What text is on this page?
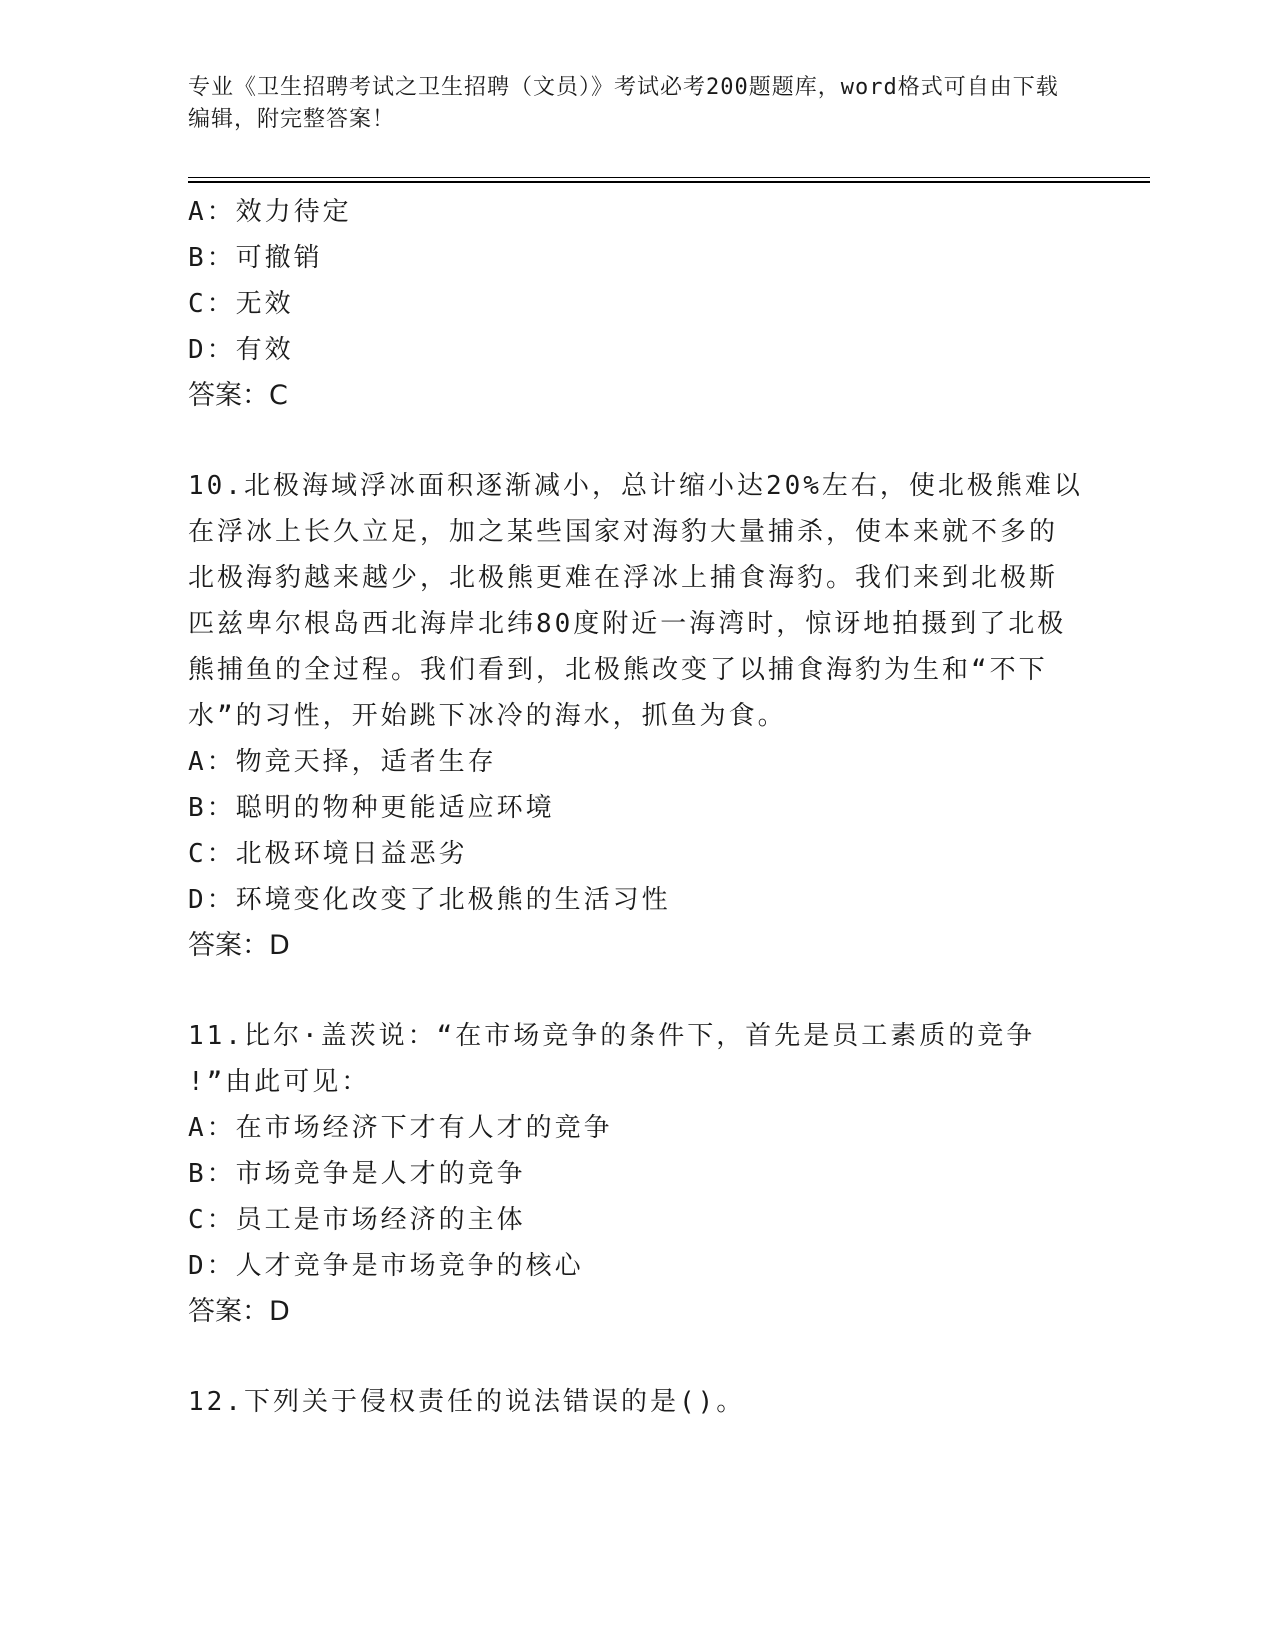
专业《卫生招聘考试之卫生招聘（文员）》考试必考200题题库，word格式可自由下载编辑，附完整答案！
A：效力待定
B：可撤销
C：无效
D：有效
答案：C
10.北极海域浮冰面积逐渐减小，总计缩小达20%左右，使北极熊难以
在浮冰上长久立足，加之某些国家对海豹大量捕杀，使本来就不多的
北极海豹越来越少，北极熊更难在浮冰上捕食海豹。我们来到北极斯
匹兹卑尔根岛西北海岸北纬80度附近一海湾时，惊讶地拍摄到了北极
熊捕鱼的全过程。我们看到，北极熊改变了以捕食海豹为生和“不下
水”的习性，开始跳下冰冷的海水，抓鱼为食。
A：物竞天择，适者生存
B：聪明的物种更能适应环境
C：北极环境日益恶劣
D：环境变化改变了北极熊的生活习性
答案：D
11.比尔·盖茨说：“在市场竞争的条件下，首先是员工素质的竞争
!”由此可见：
A：在市场经济下才有人才的竞争
B：市场竞争是人才的竞争
C：员工是市场经济的主体
D：人才竞争是市场竞争的核心
答案：D
12.下列关于侵权责任的说法错误的是()。
